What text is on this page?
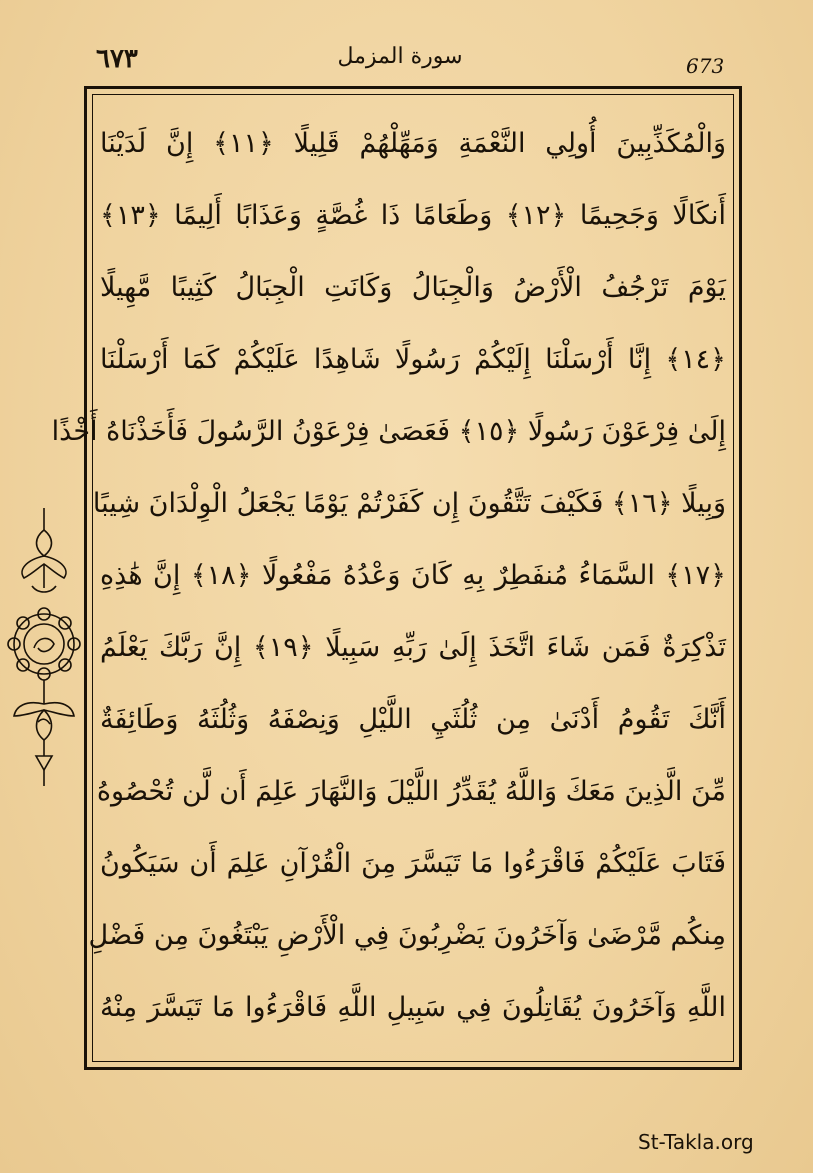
٦٧٣	سورة المزمل	673
وَالْمُكَذِّبِينَ أُولِي النَّعْمَةِ وَمَهِّلْهُمْ قَلِيلًا ﴿١١﴾ إِنَّ لَدَيْنَا
أَنكَالًا وَجَحِيمًا ﴿١٢﴾ وَطَعَامًا ذَا غُصَّةٍ وَعَذَابًا أَلِيمًا ﴿١٣﴾
يَوْمَ تَرْجُفُ الْأَرْضُ وَالْجِبَالُ وَكَانَتِ الْجِبَالُ كَثِيبًا مَّهِيلًا
﴿١٤﴾ إِنَّا أَرْسَلْنَا إِلَيْكُمْ رَسُولًا شَاهِدًا عَلَيْكُمْ كَمَا أَرْسَلْنَا
إِلَىٰ فِرْعَوْنَ رَسُولًا ﴿١٥﴾ فَعَصَىٰ فِرْعَوْنُ الرَّسُولَ فَأَخَذْنَاهُ أَخْذًا
وَبِيلًا ﴿١٦﴾ فَكَيْفَ تَتَّقُونَ إِن كَفَرْتُمْ يَوْمًا يَجْعَلُ الْوِلْدَانَ شِيبًا
﴿١٧﴾ السَّمَاءُ مُنفَطِرٌ بِهِ كَانَ وَعْدُهُ مَفْعُولًا ﴿١٨﴾ إِنَّ هَٰذِهِ
تَذْكِرَةٌ فَمَن شَاءَ اتَّخَذَ إِلَىٰ رَبِّهِ سَبِيلًا ﴿١٩﴾ إِنَّ رَبَّكَ يَعْلَمُ
أَنَّكَ تَقُومُ أَدْنَىٰ مِن ثُلُثَيِ اللَّيْلِ وَنِصْفَهُ وَثُلُثَهُ وَطَائِفَةٌ
مِّنَ الَّذِينَ مَعَكَ وَاللَّهُ يُقَدِّرُ اللَّيْلَ وَالنَّهَارَ عَلِمَ أَن لَّن تُحْصُوهُ
فَتَابَ عَلَيْكُمْ فَاقْرَءُوا مَا تَيَسَّرَ مِنَ الْقُرْآنِ عَلِمَ أَن سَيَكُونُ
مِنكُم مَّرْضَىٰ وَآخَرُونَ يَضْرِبُونَ فِي الْأَرْضِ يَبْتَغُونَ مِن فَضْلِ
اللَّهِ وَآخَرُونَ يُقَاتِلُونَ فِي سَبِيلِ اللَّهِ فَاقْرَءُوا مَا تَيَسَّرَ مِنْهُ
St-Takla.org
